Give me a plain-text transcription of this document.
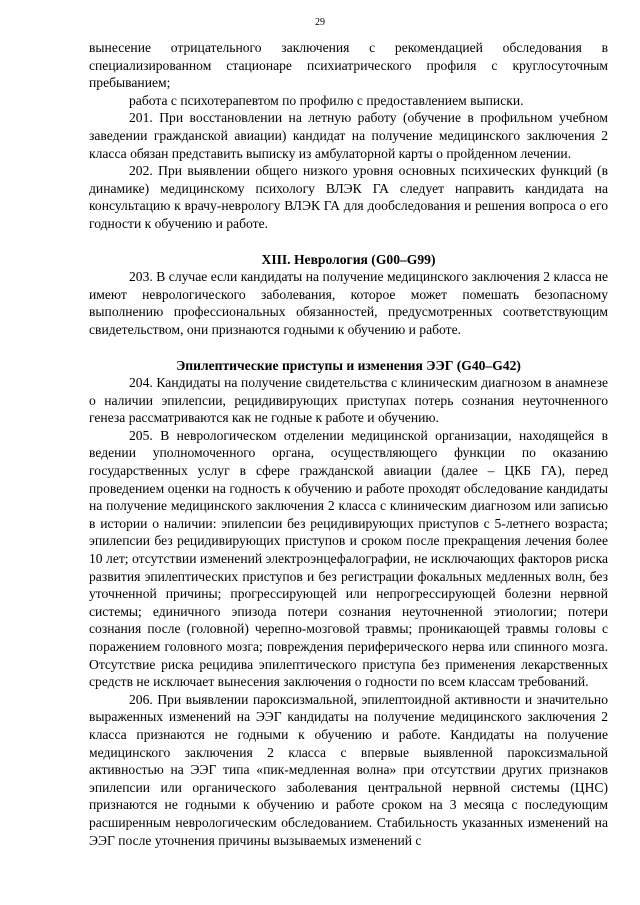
29

вынесение отрицательного заключения с рекомендацией обследования в специализированном стационаре психиатрического профиля с круглосуточным пребыванием;

работа с психотерапевтом по профилю с предоставлением выписки.

201. При восстановлении на летную работу (обучение в профильном учебном заведении гражданской авиации) кандидат на получение медицинского заключения 2 класса обязан представить выписку из амбулаторной карты о пройденном лечении.

202. При выявлении общего низкого уровня основных психических функций (в динамике) медицинскому психологу ВЛЭК ГА следует направить кандидата на консультацию к врачу-неврологу ВЛЭК ГА для дообследования и решения вопроса о его годности к обучению и работе.

XIII. Неврология (G00–G99)

203. В случае если кандидаты на получение медицинского заключения 2 класса не имеют неврологического заболевания, которое может помешать безопасному выполнению профессиональных обязанностей, предусмотренных соответствующим свидетельством, они признаются годными к обучению и работе.

Эпилептические приступы и изменения ЭЭГ (G40–G42)

204. Кандидаты на получение свидетельства с клиническим диагнозом в анамнезе о наличии эпилепсии, рецидивирующих приступах потерь сознания неуточненного генеза рассматриваются как не годные к работе и обучению.

205. В неврологическом отделении медицинской организации, находящейся в ведении уполномоченного органа, осуществляющего функции по оказанию государственных услуг в сфере гражданской авиации (далее – ЦКБ ГА), перед проведением оценки на годность к обучению и работе проходят обследование кандидаты на получение медицинского заключения 2 класса с клиническим диагнозом или записью в истории о наличии: эпилепсии без рецидивирующих приступов с 5-летнего возраста; эпилепсии без рецидивирующих приступов и сроком после прекращения лечения более 10 лет; отсутствии изменений электроэнцефалографии, не исключающих факторов риска развития эпилептических приступов и без регистрации фокальных медленных волн, без уточненной причины; прогрессирующей или непрогрессирующей болезни нервной системы; единичного эпизода потери сознания неуточненной этиологии; потери сознания после (головной) черепно-мозговой травмы; проникающей травмы головы с поражением головного мозга; повреждения периферического нерва или спинного мозга. Отсутствие риска рецидива эпилептического приступа без применения лекарственных средств не исключает вынесения заключения о годности по всем классам требований.

206. При выявлении пароксизмальной, эпилептоидной активности и значительно выраженных изменений на ЭЭГ кандидаты на получение медицинского заключения 2 класса признаются не годными к обучению и работе. Кандидаты на получение медицинского заключения 2 класса с впервые выявленной пароксизмальной активностью на ЭЭГ типа «пик-медленная волна» при отсутствии других признаков эпилепсии или органического заболевания центральной нервной системы (ЦНС) признаются не годными к обучению и работе сроком на 3 месяца с последующим расширенным неврологическим обследованием. Стабильность указанных изменений на ЭЭГ после уточнения причины вызываемых изменений с
